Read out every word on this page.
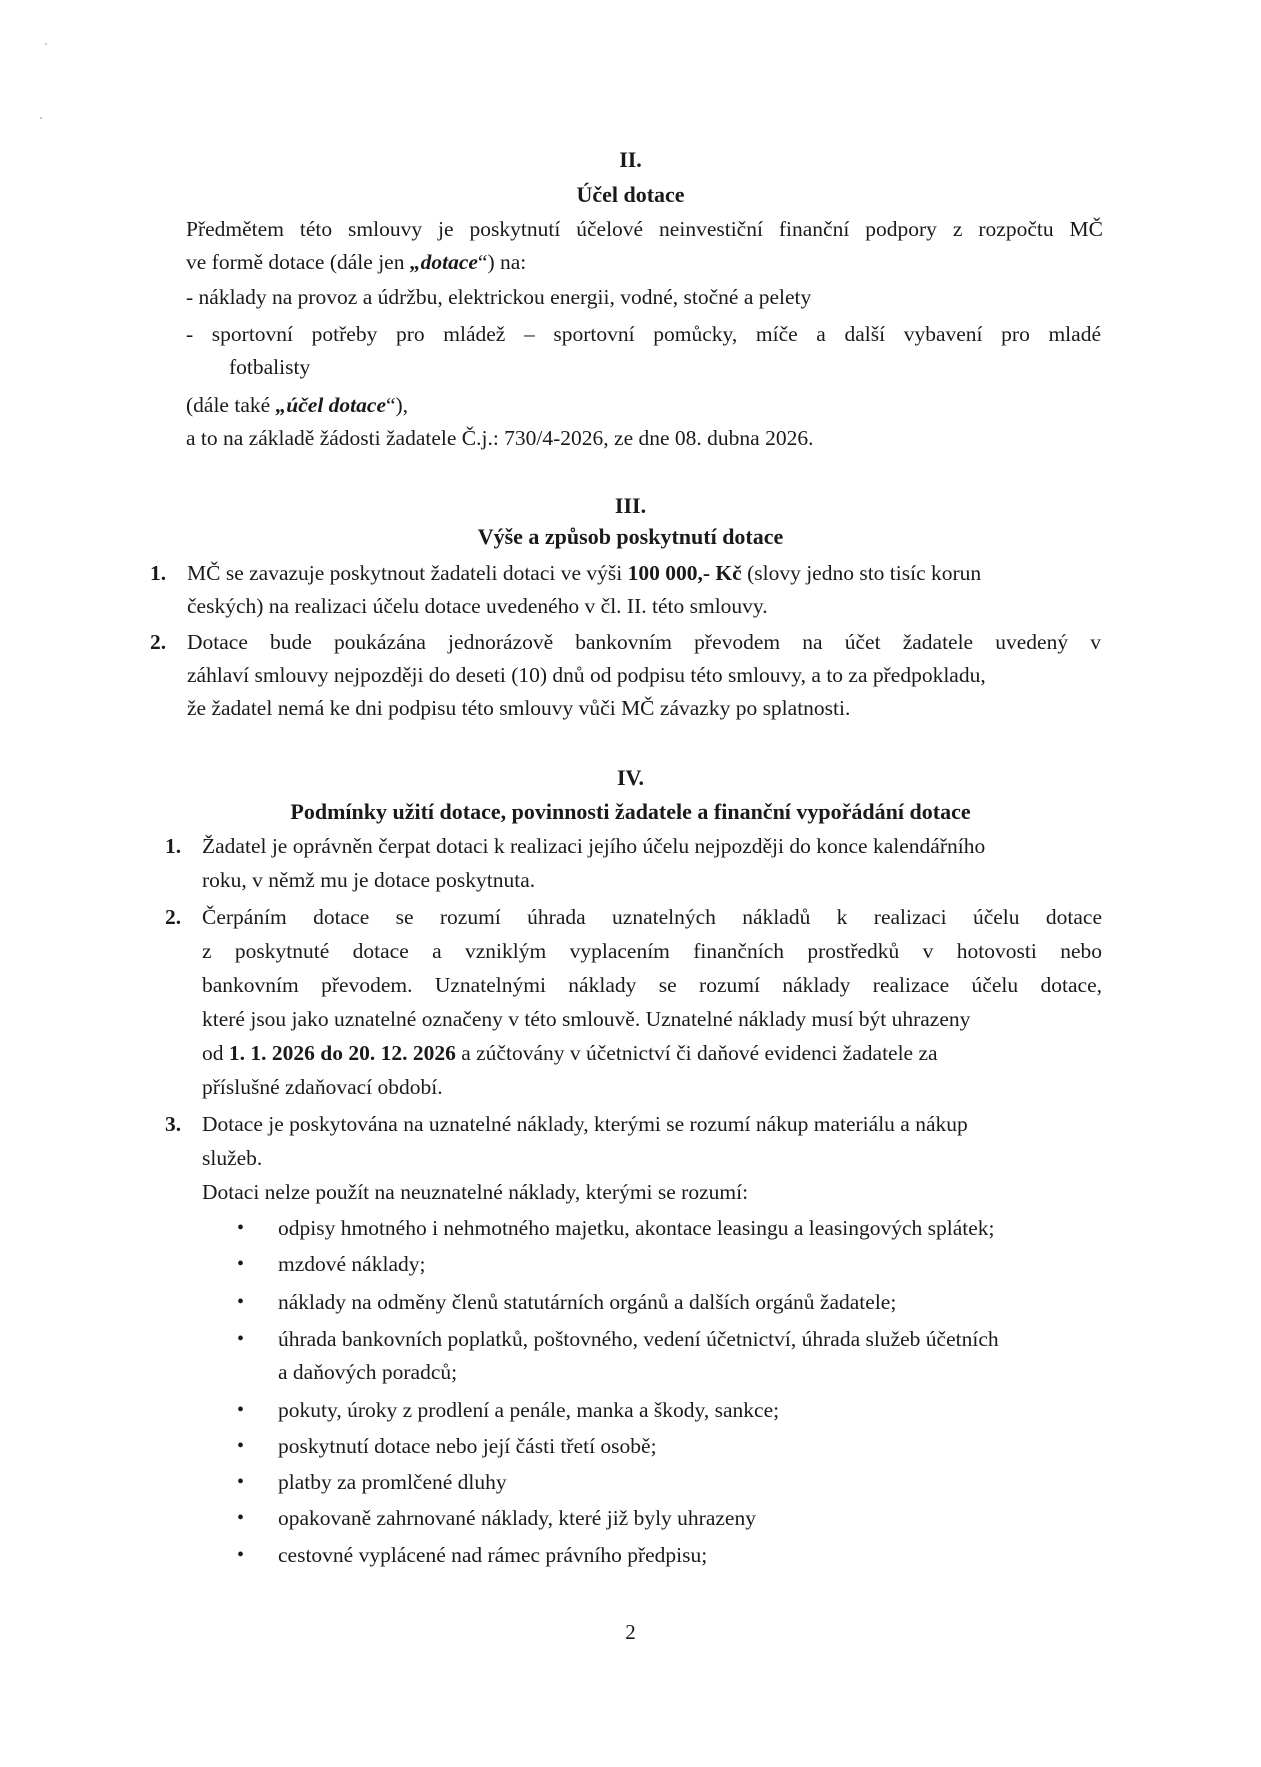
II.
Účel dotace
Předmětem této smlouvy je poskytnutí účelové neinvestiční finanční podpory z rozpočtu MČ
ve formě dotace (dále jen „dotace“) na:
- náklady na provoz a údržbu, elektrickou energii, vodné, stočné a pelety
- sportovní potřeby pro mládež – sportovní pomůcky, míče a další vybavení pro mladé
fotbalisty
(dále také „účel dotace“),
a to na základě žádosti žadatele Č.j.: 730/4-2026, ze dne 08. dubna 2026.
III.
Výše a způsob poskytnutí dotace
1. MČ se zavazuje poskytnout žadateli dotaci ve výši 100 000,- Kč (slovy jedno sto tisíc korun
českých) na realizaci účelu dotace uvedeného v čl. II. této smlouvy.
2. Dotace bude poukázána jednorázově bankovním převodem na účet žadatele uvedený v
záhlaví smlouvy nejpozději do deseti (10) dnů od podpisu této smlouvy, a to za předpokladu,
že žadatel nemá ke dni podpisu této smlouvy vůči MČ závazky po splatnosti.
IV.
Podmínky užití dotace, povinnosti žadatele a finanční vypořádání dotace
1. Žadatel je oprávněn čerpat dotaci k realizaci jejího účelu nejpozději do konce kalendářního
roku, v němž mu je dotace poskytnuta.
2. Čerpáním dotace se rozumí úhrada uznatelných nákladů k realizaci účelu dotace
z poskytnuté dotace a vzniklým vyplacením finančních prostředků v hotovosti nebo
bankovním převodem. Uznatelnými náklady se rozumí náklady realizace účelu dotace,
které jsou jako uznatelné označeny v této smlouvě. Uznatelné náklady musí být uhrazeny
od 1. 1. 2026 do 20. 12. 2026 a zúčtovány v účetnictví či daňové evidenci žadatele za
příslušné zdaňovací období.
3. Dotace je poskytována na uznatelné náklady, kterými se rozumí nákup materiálu a nákup
služeb.
Dotaci nelze použít na neuznatelné náklady, kterými se rozumí:
• odpisy hmotného i nehmotného majetku, akontace leasingu a leasingových splátek;
• mzdové náklady;
• náklady na odměny členů statutárních orgánů a dalších orgánů žadatele;
• úhrada bankovních poplatků, poštovného, vedení účetnictví, úhrada služeb účetních
a daňových poradců;
• pokuty, úroky z prodlení a penále, manka a škody, sankce;
• poskytnutí dotace nebo její části třetí osobě;
• platby za promlčené dluhy
• opakovaně zahrnované náklady, které již byly uhrazeny
• cestovné vyplácené nad rámec právního předpisu;
2
